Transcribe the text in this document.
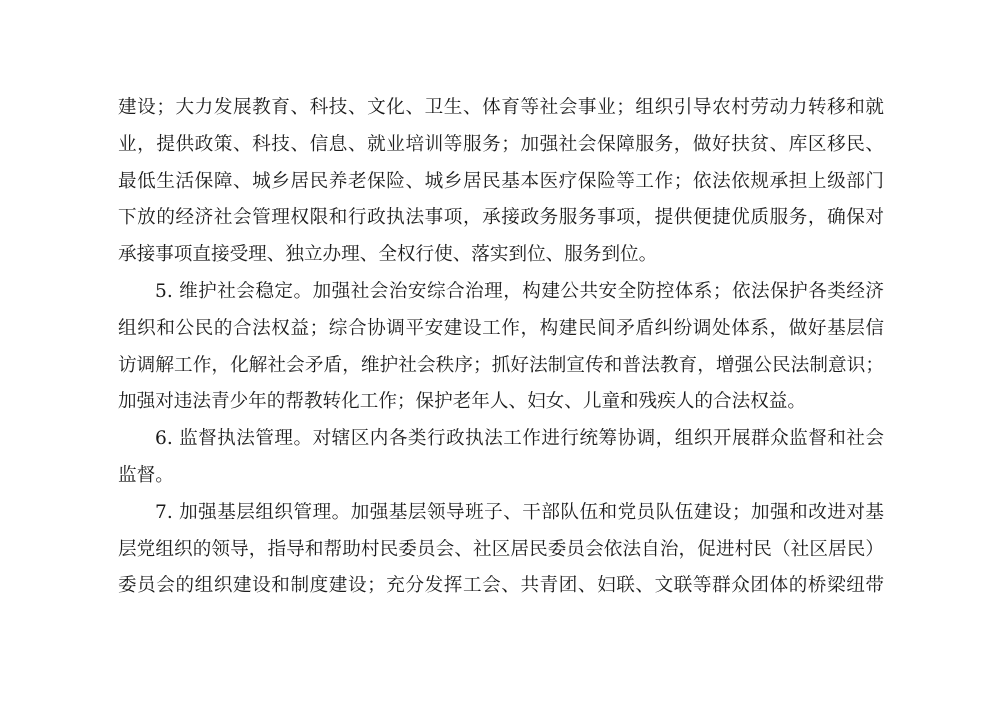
建设；大力发展教育、科技、文化、卫生、体育等社会事业；组织引导农村劳动力转移和就
业，提供政策、科技、信息、就业培训等服务；加强社会保障服务，做好扶贫、库区移民、
最低生活保障、城乡居民养老保险、城乡居民基本医疗保险等工作；依法依规承担上级部门
下放的经济社会管理权限和行政执法事项，承接政务服务事项，提供便捷优质服务，确保对
承接事项直接受理、独立办理、全权行使、落实到位、服务到位。
5. 维护社会稳定。加强社会治安综合治理，构建公共安全防控体系；依法保护各类经济
组织和公民的合法权益；综合协调平安建设工作，构建民间矛盾纠纷调处体系，做好基层信
访调解工作，化解社会矛盾，维护社会秩序；抓好法制宣传和普法教育，增强公民法制意识；
加强对违法青少年的帮教转化工作；保护老年人、妇女、儿童和残疾人的合法权益。
6. 监督执法管理。对辖区内各类行政执法工作进行统筹协调，组织开展群众监督和社会
监督。
7. 加强基层组织管理。加强基层领导班子、干部队伍和党员队伍建设；加强和改进对基
层党组织的领导，指导和帮助村民委员会、社区居民委员会依法自治，促进村民（社区居民）
委员会的组织建设和制度建设；充分发挥工会、共青团、妇联、文联等群众团体的桥梁纽带
